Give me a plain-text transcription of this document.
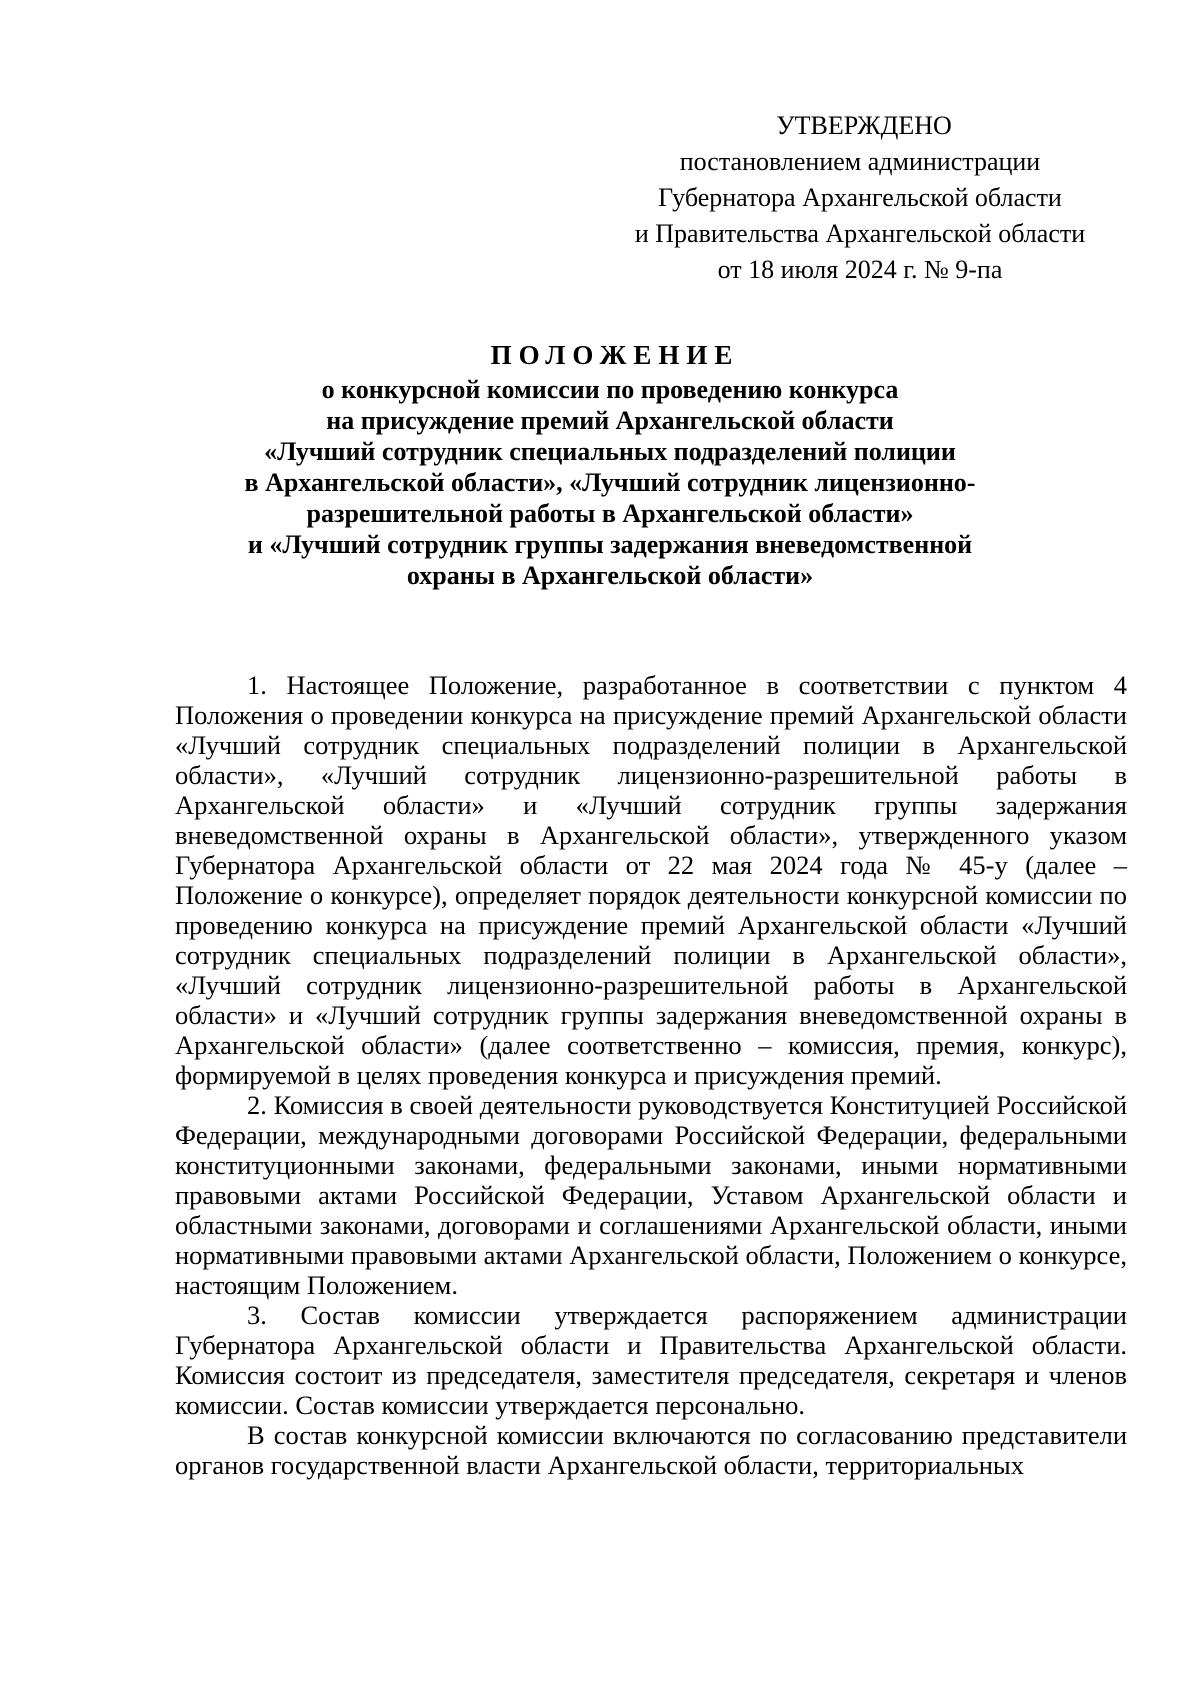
УТВЕРЖДЕНО
постановлением администрации
Губернатора Архангельской области
и Правительства Архангельской области
от 18 июля 2024 г. № 9-па
ПОЛОЖЕНИЕ
о конкурсной комиссии по проведению конкурса
на присуждение премий Архангельской области
«Лучший сотрудник специальных подразделений полиции
в Архангельской области», «Лучший сотрудник лицензионно-
разрешительной работы в Архангельской области»
и «Лучший сотрудник группы задержания вневедомственной
охраны в Архангельской области»

1. Настоящее Положение, разработанное в соответствии с пунктом 4 Положения о проведении конкурса на присуждение премий Архангельской области «Лучший сотрудник специальных подразделений полиции в Архангельской области», «Лучший сотрудник лицензионно-разрешительной работы в Архангельской области» и «Лучший сотрудник группы задержания вневедомственной охраны в Архангельской области», утвержденного указом Губернатора Архангельской области от 22 мая 2024 года № 45-у (далее – Положение о конкурсе), определяет порядок деятельности конкурсной комиссии по проведению конкурса на присуждение премий Архангельской области «Лучший сотрудник специальных подразделений полиции в Архангельской области», «Лучший сотрудник лицензионно-разрешительной работы в Архангельской области» и «Лучший сотрудник группы задержания вневедомственной охраны в Архангельской области» (далее соответственно – комиссия, премия, конкурс), формируемой в целях проведения конкурса и присуждения премий.

2. Комиссия в своей деятельности руководствуется Конституцией Российской Федерации, международными договорами Российской Федерации, федеральными конституционными законами, федеральными законами, иными нормативными правовыми актами Российской Федерации, Уставом Архангельской области и областными законами, договорами и соглашениями Архангельской области, иными нормативными правовыми актами Архангельской области, Положением о конкурсе, настоящим Положением.

3. Состав комиссии утверждается распоряжением администрации Губернатора Архангельской области и Правительства Архангельской области. Комиссия состоит из председателя, заместителя председателя, секретаря и членов комиссии. Состав комиссии утверждается персонально.

В состав конкурсной комиссии включаются по согласованию представители органов государственной власти Архангельской области, территориальных
